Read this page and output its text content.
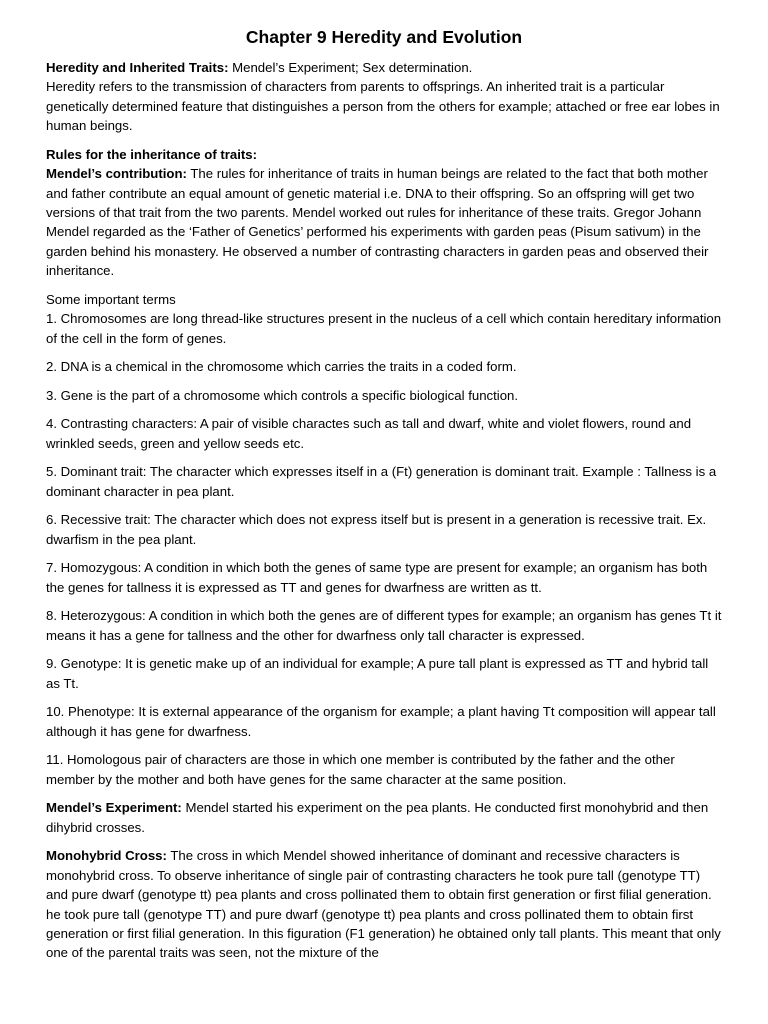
Chapter 9 Heredity and Evolution

Heredity and Inherited Traits: Mendel’s Experiment; Sex determination.

Heredity refers to the transmission of characters from parents to offsprings. An inherited trait is a particular genetically determined feature that distinguishes a person from the others for example; attached or free ear lobes in human beings.

Rules for the inheritance of traits:

Mendel’s contribution: The rules for inheritance of traits in human beings are related to the fact that both mother and father contribute an equal amount of genetic material i.e. DNA to their offspring. So an offspring will get two versions of that trait from the two parents. Mendel worked out rules for inheritance of these traits. Gregor Johann Mendel regarded as the ‘Father of Genetics’ performed his experiments with garden peas (Pisum sativum) in the garden behind his monastery. He observed a number of contrasting characters in garden peas and observed their inheritance.

Some important terms

1. Chromosomes are long thread-like structures present in the nucleus of a cell which contain hereditary information of the cell in the form of genes.

2. DNA is a chemical in the chromosome which carries the traits in a coded form.

3. Gene is the part of a chromosome which controls a specific biological function.

4. Contrasting characters: A pair of visible charactes such as tall and dwarf, white and violet flowers, round and wrinkled seeds, green and yellow seeds etc.

5. Dominant trait: The character which expresses itself in a (Ft) generation is dominant trait. Example : Tallness is a dominant character in pea plant.

6. Recessive trait: The character which does not express itself but is present in a generation is recessive trait. Ex. dwarfism in the pea plant.

7. Homozygous: A condition in which both the genes of same type are present for example; an organism has both the genes for tallness it is expressed as TT and genes for dwarfness are written as tt.

8. Heterozygous: A condition in which both the genes are of different types for example; an organism has genes Tt it means it has a gene for tallness and the other for dwarfness only tall character is expressed.

9. Genotype: It is genetic make up of an individual for example; A pure tall plant is expressed as TT and hybrid tall as Tt.

10. Phenotype: It is external appearance of the organism for example; a plant having Tt composition will appear tall although it has gene for dwarfness.

11. Homologous pair of characters are those in which one member is contributed by the father and the other member by the mother and both have genes for the same character at the same position.

Mendel’s Experiment: Mendel started his experiment on the pea plants. He conducted first monohybrid and then dihybrid crosses.

Monohybrid Cross: The cross in which Mendel showed inheritance of dominant and recessive characters is monohybrid cross. To observe inheritance of single pair of contrasting characters he took pure tall (genotype TT) and pure dwarf (genotype tt) pea plants and cross pollinated them to obtain first generation or first filial generation. he took pure tall (genotype TT) and pure dwarf (genotype tt) pea plants and cross pollinated them to obtain first generation or first filial generation. In this figuration (F1 generation) he obtained only tall plants. This meant that only one of the parental traits was seen, not the mixture of the
